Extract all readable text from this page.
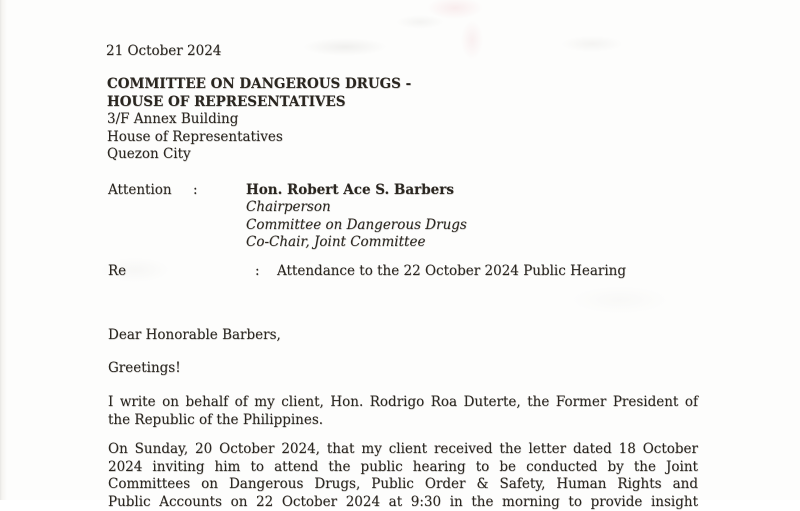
21 October 2024
COMMITTEE ON DANGEROUS DRUGS -
HOUSE OF REPRESENTATIVES
3/F Annex Building
House of Representatives
Quezon City
Attention :	Hon. Robert Ace S. Barbers
Chairperson
Committee on Dangerous Drugs
Co-Chair, Joint Committee
Re	: Attendance to the 22 October 2024 Public Hearing
Dear Honorable Barbers,
Greetings!
I write on behalf of my client, Hon. Rodrigo Roa Duterte, the Former President of
the Republic of the Philippines.
On Sunday, 20 October 2024, that my client received the letter dated 18 October
2024 inviting him to attend the public hearing to be conducted by the Joint
Committees on Dangerous Drugs, Public Order & Safety, Human Rights and
Public Accounts on 22 October 2024 at 9:30 in the morning to provide insight
